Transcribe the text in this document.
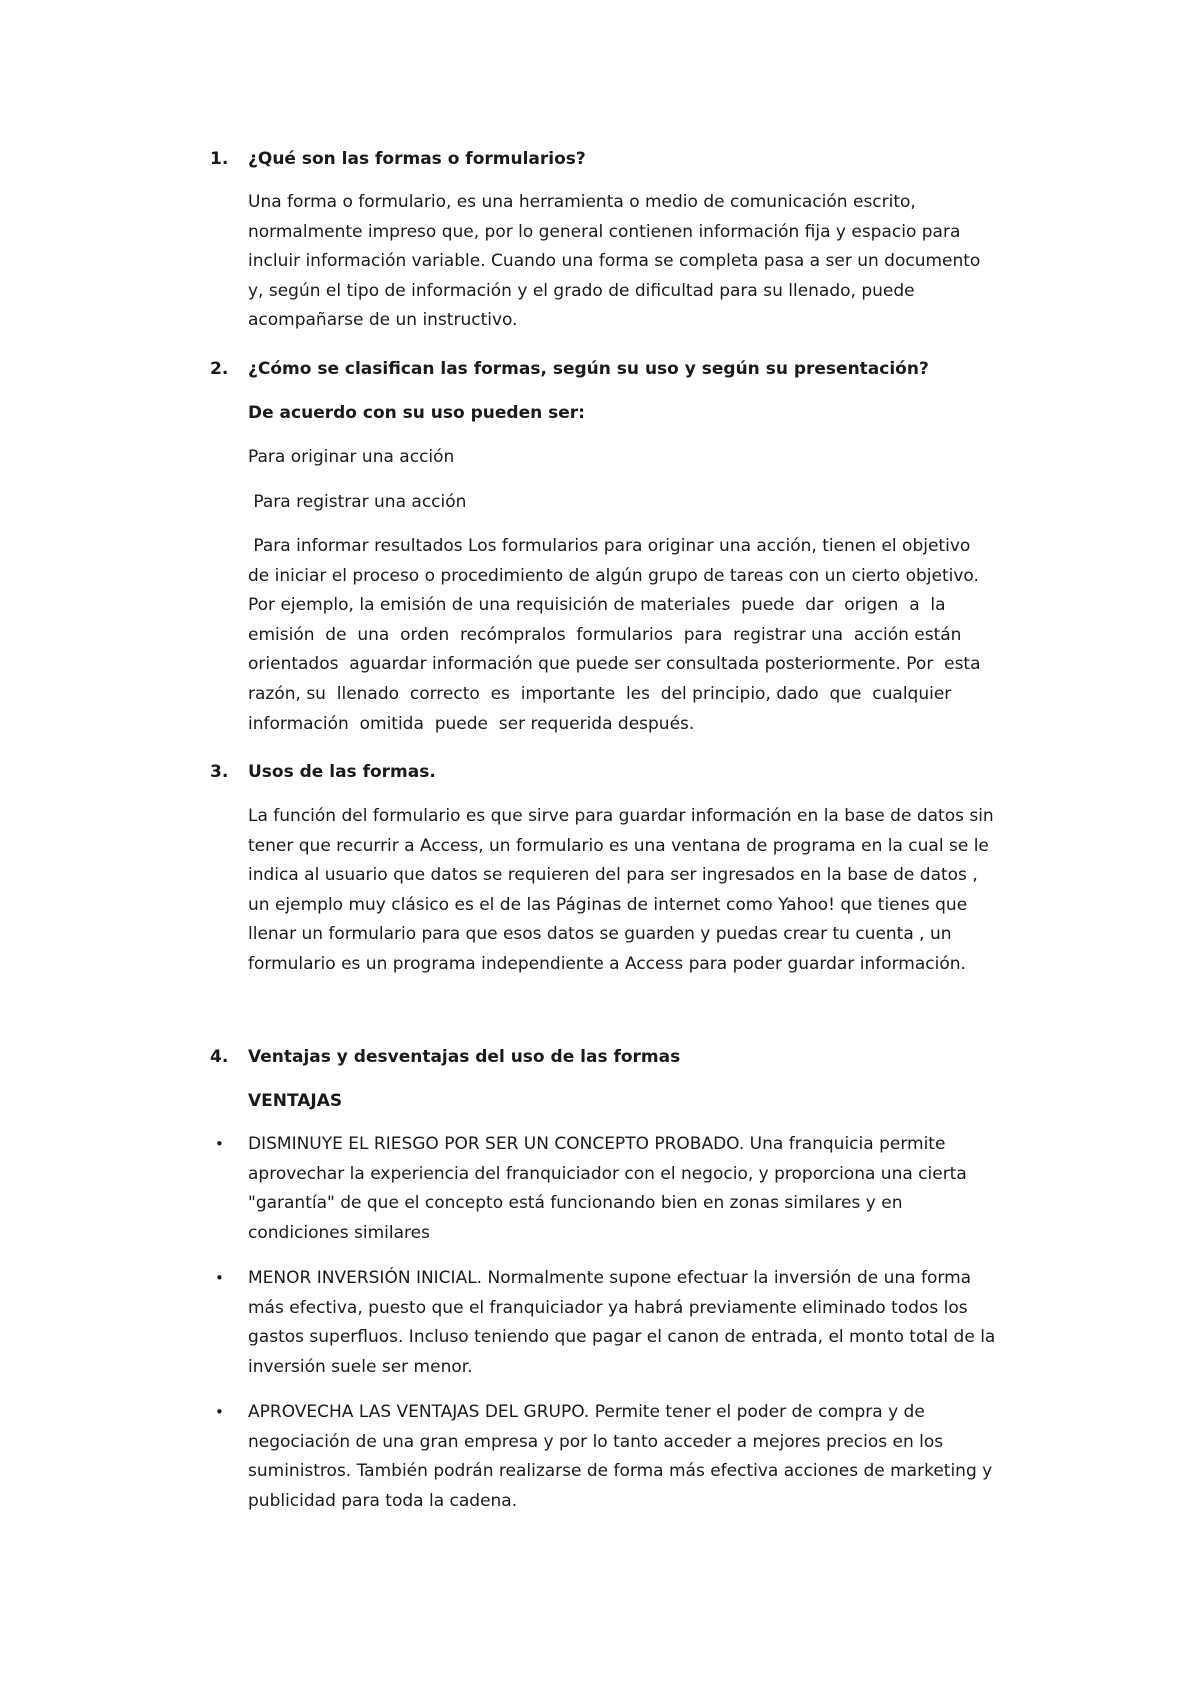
1. ¿Qué son las formas o formularios?
Una forma o formulario, es una herramienta o medio de comunicación escrito,
normalmente impreso que, por lo general contienen información fija y espacio para
incluir información variable. Cuando una forma se completa pasa a ser un documento
y, según el tipo de información y el grado de dificultad para su llenado, puede
acompañarse de un instructivo.
2. ¿Cómo se clasifican las formas, según su uso y según su presentación?
De acuerdo con su uso pueden ser:
Para originar una acción
Para registrar una acción
Para informar resultados Los formularios para originar una acción, tienen el objetivo
de iniciar el proceso o procedimiento de algún grupo de tareas con un cierto objetivo.
Por ejemplo, la emisión de una requisición de materiales  puede  dar  origen  a  la
emisión  de  una  orden  recómpralos  formularios  para  registrar una  acción están
orientados  aguardar información que puede ser consultada posteriormente. Por  esta
razón, su  llenado  correcto  es  importante  les  del principio, dado  que  cualquier
información  omitida  puede  ser requerida después.
3. Usos de las formas.
La función del formulario es que sirve para guardar información en la base de datos sin
tener que recurrir a Access, un formulario es una ventana de programa en la cual se le
indica al usuario que datos se requieren del para ser ingresados en la base de datos ,
un ejemplo muy clásico es el de las Páginas de internet como Yahoo! que tienes que
llenar un formulario para que esos datos se guarden y puedas crear tu cuenta , un
formulario es un programa independiente a Access para poder guardar información.
4. Ventajas y desventajas del uso de las formas
VENTAJAS
• DISMINUYE EL RIESGO POR SER UN CONCEPTO PROBADO. Una franquicia permite
aprovechar la experiencia del franquiciador con el negocio, y proporciona una cierta
"garantía" de que el concepto está funcionando bien en zonas similares y en
condiciones similares
• MENOR INVERSIÓN INICIAL. Normalmente supone efectuar la inversión de una forma
más efectiva, puesto que el franquiciador ya habrá previamente eliminado todos los
gastos superfluos. Incluso teniendo que pagar el canon de entrada, el monto total de la
inversión suele ser menor.
• APROVECHA LAS VENTAJAS DEL GRUPO. Permite tener el poder de compra y de
negociación de una gran empresa y por lo tanto acceder a mejores precios en los
suministros. También podrán realizarse de forma más efectiva acciones de marketing y
publicidad para toda la cadena.
